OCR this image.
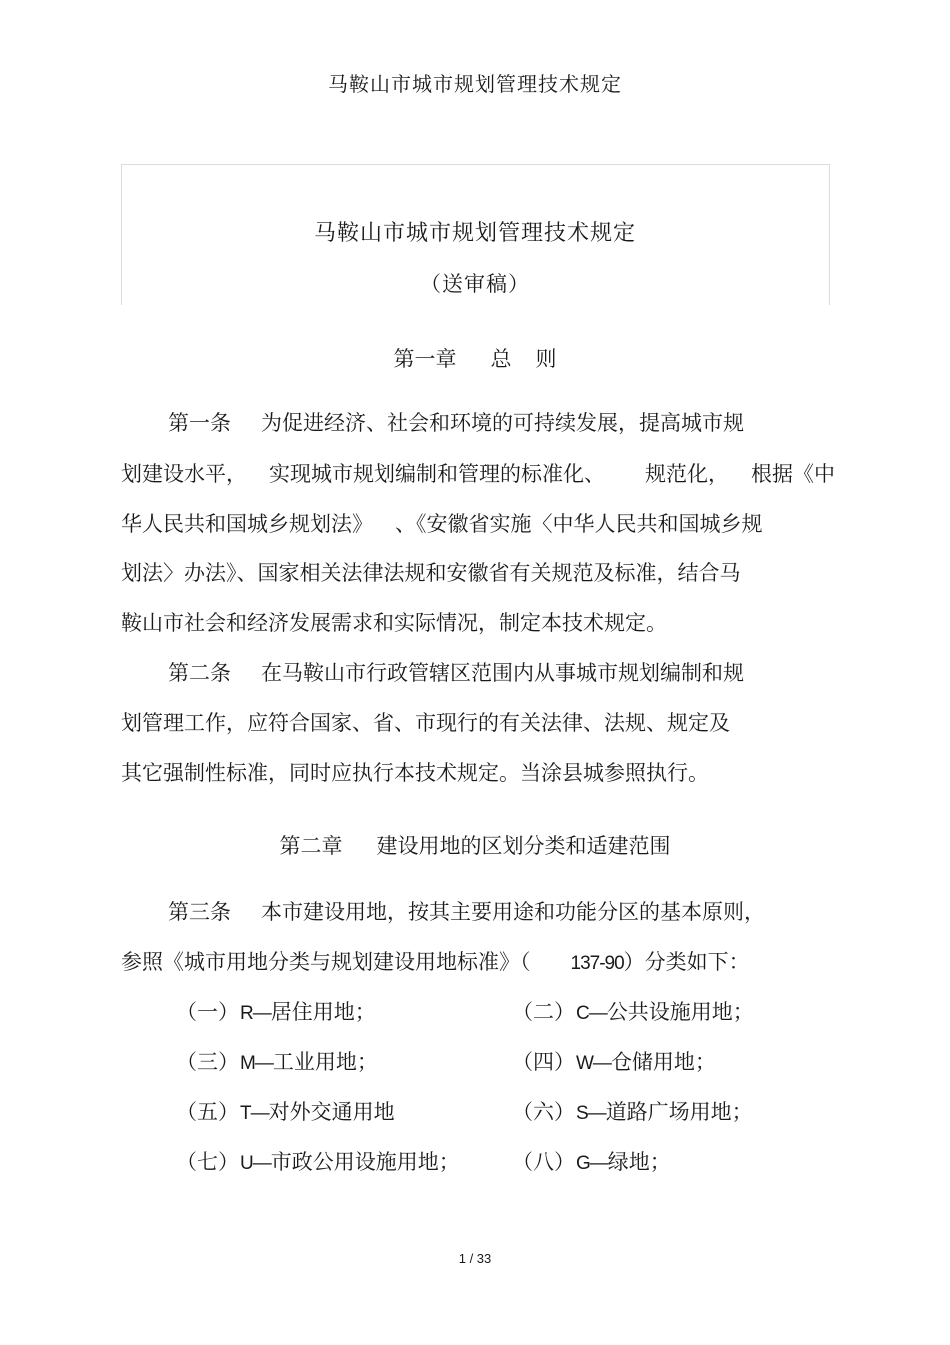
马鞍山市城市规划管理技术规定
马鞍山市城市规划管理技术规定
（送审稿）
第一章 总 则
第一条 为促进经济、社会和环境的可持续发展，提高城市规
划建设水平， 实现城市规划编制和管理的标准化、 规范化， 根据《中
华人民共和国城乡规划法》 、《安徽省实施〈中华人民共和国城乡规
划法〉办法》、国家相关法律法规和安徽省有关规范及标准，结合马
鞍山市社会和经济发展需求和实际情况，制定本技术规定。
第二条 在马鞍山市行政管辖区范围内从事城市规划编制和规
划管理工作，应符合国家、省、市现行的有关法律、法规、规定及
其它强制性标准，同时应执行本技术规定。当涂县城参照执行。
第二章 建设用地的区划分类和适建范围
第三条 本市建设用地，按其主要用途和功能分区的基本原则，
参照《城市用地分类与规划建设用地标准》（ 137-90）分类如下：
（一）R—居住用地；	（二）C—公共设施用地；
（三）M—工业用地；	（四）W—仓储用地；
（五）T—对外交通用地	（六）S—道路广场用地；
（七）U—市政公用设施用地； （八）G—绿地；
1 / 33
